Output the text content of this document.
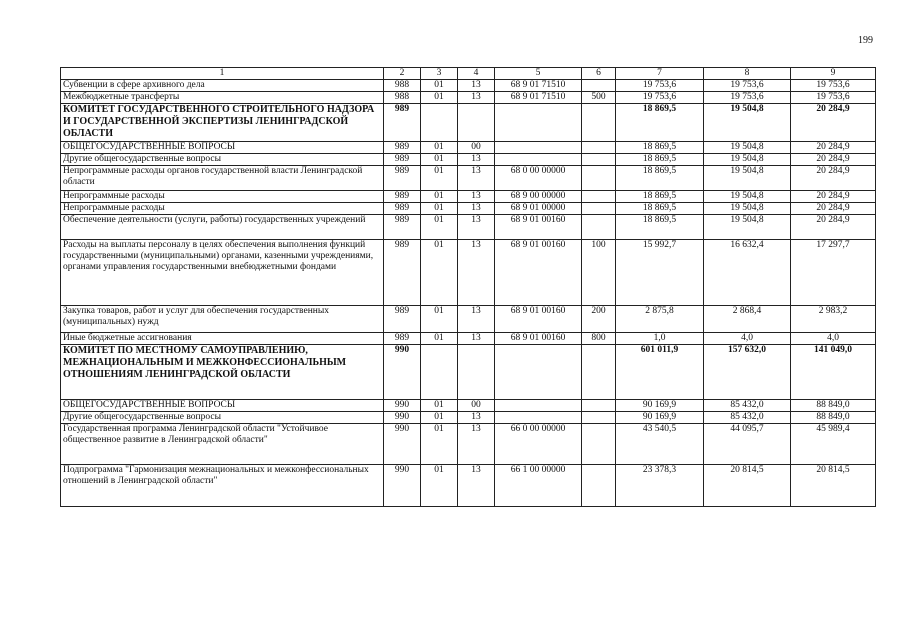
199
1	2	3	4	5	6	7	8	9
Субвенции в сфере архивного дела	988	01	13	68 9 01 71510		19 753,6	19 753,6	19 753,6
Межбюджетные трансферты	988	01	13	68 9 01 71510	500	19 753,6	19 753,6	19 753,6
КОМИТЕТ ГОСУДАРСТВЕННОГО СТРОИТЕЛЬНОГО НАДЗОРА И ГОСУДАРСТВЕННОЙ ЭКСПЕРТИЗЫ ЛЕНИНГРАДСКОЙ ОБЛАСТИ	989					18 869,5	19 504,8	20 284,9
ОБЩЕГОСУДАРСТВЕННЫЕ ВОПРОСЫ	989	01	00			18 869,5	19 504,8	20 284,9
Другие общегосударственные вопросы	989	01	13			18 869,5	19 504,8	20 284,9
Непрограммные расходы органов государственной власти Ленинградской области	989	01	13	68 0 00 00000		18 869,5	19 504,8	20 284,9
Непрограммные расходы	989	01	13	68 9 00 00000		18 869,5	19 504,8	20 284,9
Непрограммные расходы	989	01	13	68 9 01 00000		18 869,5	19 504,8	20 284,9
Обеспечение деятельности (услуги, работы) государственных учреждений	989	01	13	68 9 01 00160		18 869,5	19 504,8	20 284,9
Расходы на выплаты персоналу в целях обеспечения выполнения функций государственными (муниципальными) органами, казенными учреждениями, органами управления государственными внебюджетными фондами	989	01	13	68 9 01 00160	100	15 992,7	16 632,4	17 297,7
Закупка товаров, работ и услуг для обеспечения государственных (муниципальных) нужд	989	01	13	68 9 01 00160	200	2 875,8	2 868,4	2 983,2
Иные бюджетные ассигнования	989	01	13	68 9 01 00160	800	1,0	4,0	4,0
КОМИТЕТ ПО МЕСТНОМУ САМОУПРАВЛЕНИЮ, МЕЖНАЦИОНАЛЬНЫМ И МЕЖКОНФЕССИОНАЛЬНЫМ ОТНОШЕНИЯМ ЛЕНИНГРАДСКОЙ ОБЛАСТИ	990					601 011,9	157 632,0	141 049,0
ОБЩЕГОСУДАРСТВЕННЫЕ ВОПРОСЫ	990	01	00			90 169,9	85 432,0	88 849,0
Другие общегосударственные вопросы	990	01	13			90 169,9	85 432,0	88 849,0
Государственная программа Ленинградской области "Устойчивое общественное развитие в Ленинградской области"	990	01	13	66 0 00 00000		43 540,5	44 095,7	45 989,4
Подпрограмма "Гармонизация межнациональных и межконфессиональных отношений в Ленинградской области"	990	01	13	66 1 00 00000		23 378,3	20 814,5	20 814,5
